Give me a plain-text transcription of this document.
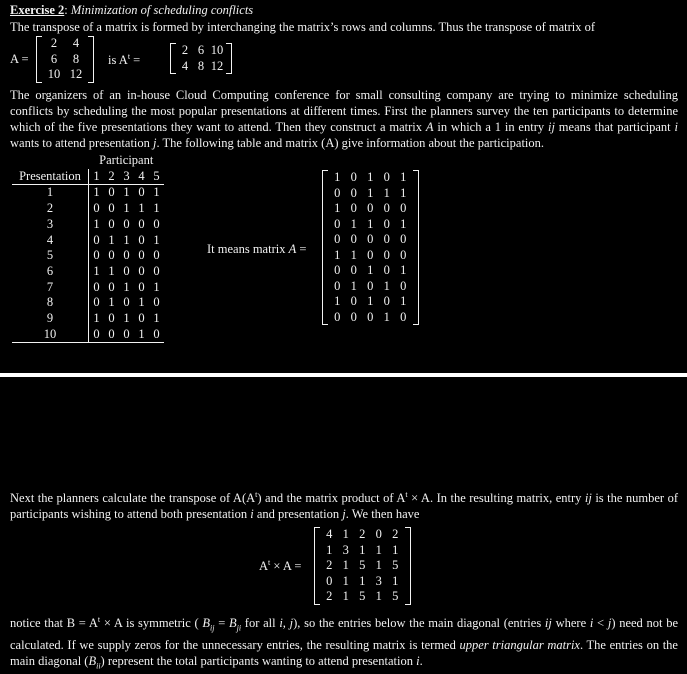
Exercise 2: Minimization of scheduling conflicts
The transpose of a matrix is formed by interchanging the matrix’s rows and columns. Thus the transpose of matrix of
A =
2	4
6	8
10	12
is $A^t$ =
2	6	10
4	8	12
The organizers of an in-house Cloud Computing conference for small consulting company are trying to minimize scheduling conflicts by scheduling the most popular presentations at different times. First the planners survey the ten participants to determine which of the five presentations they want to attend. Then they construct a matrix A in which a 1 in entry ij means that participant i wants to attend presentation j. The following table and matrix (A) give information about the participation.
	Participant				
Presentation	1	2	3	4	5
1	1	0	1	0	1
2	0	0	1	1	1
3	1	0	0	0	0
4	0	1	1	0	1
5	0	0	0	0	0
6	1	1	0	0	0
7	0	0	1	0	1
8	0	1	0	1	0
9	1	0	1	0	1
10	0	0	0	1	0
It means matrix A =
1	0	1	0	1
0	0	1	1	1
1	0	0	0	0
0	1	1	0	1
0	0	0	0	0
1	1	0	0	0
0	0	1	0	1
0	1	0	1	0
1	0	1	0	1
0	0	0	1	0
Next the planners calculate the transpose of $A(A^t)$ and the matrix product of $A^t \times A$. In the resulting matrix, entry ij is the number of participants wishing to attend both presentation i and presentation j. We then have
$A^t \times A$ =
4	1	2	0	2
1	3	1	1	1
2	1	5	1	5
0	1	1	3	1
2	1	5	1	5
notice that $B = A^t \times A$ is symmetric ( $B_{ij} = B_{ji}$ for all i, j), so the entries below the main diagonal (entries ij where i < j) need not be calculated. If we supply zeros for the unnecessary entries, the resulting matrix is termed upper triangular matrix. The entries on the main diagonal $(B_{ii})$ represent the total participants wanting to attend presentation i.
